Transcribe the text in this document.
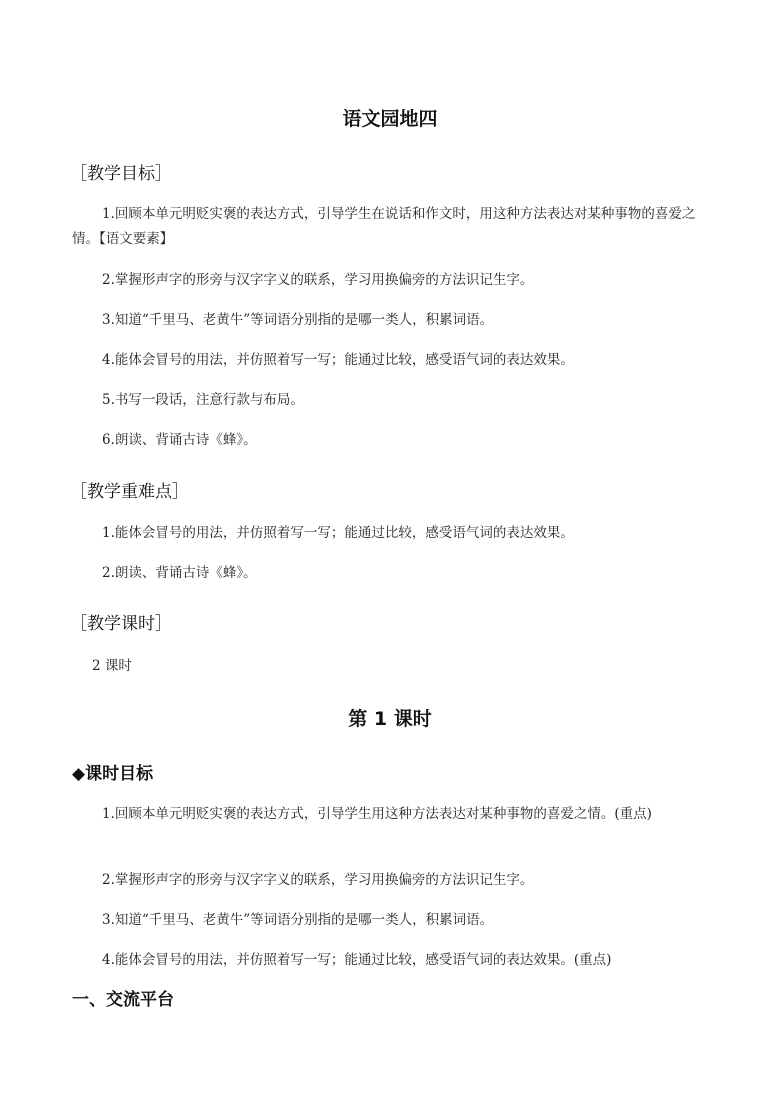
语文园地四
［教学目标］
1.回顾本单元明贬实褒的表达方式，引导学生在说话和作文时，用这种方法表达对某种事物的喜爱之情。【语文要素】
2.掌握形声字的形旁与汉字字义的联系，学习用换偏旁的方法识记生字。
3.知道“千里马、老黄牛”等词语分别指的是哪一类人，积累词语。
4.能体会冒号的用法，并仿照着写一写；能通过比较，感受语气词的表达效果。
5.书写一段话，注意行款与布局。
6.朗读、背诵古诗《蜂》。
［教学重难点］
1.能体会冒号的用法，并仿照着写一写；能通过比较，感受语气词的表达效果。
2.朗读、背诵古诗《蜂》。
［教学课时］
2 课时
第 1 课时
◆课时目标
1.回顾本单元明贬实褒的表达方式，引导学生用这种方法表达对某种事物的喜爱之情。(重点)
2.掌握形声字的形旁与汉字字义的联系，学习用换偏旁的方法识记生字。
3.知道“千里马、老黄牛”等词语分别指的是哪一类人，积累词语。
4.能体会冒号的用法，并仿照着写一写；能通过比较，感受语气词的表达效果。(重点)
一、交流平台
